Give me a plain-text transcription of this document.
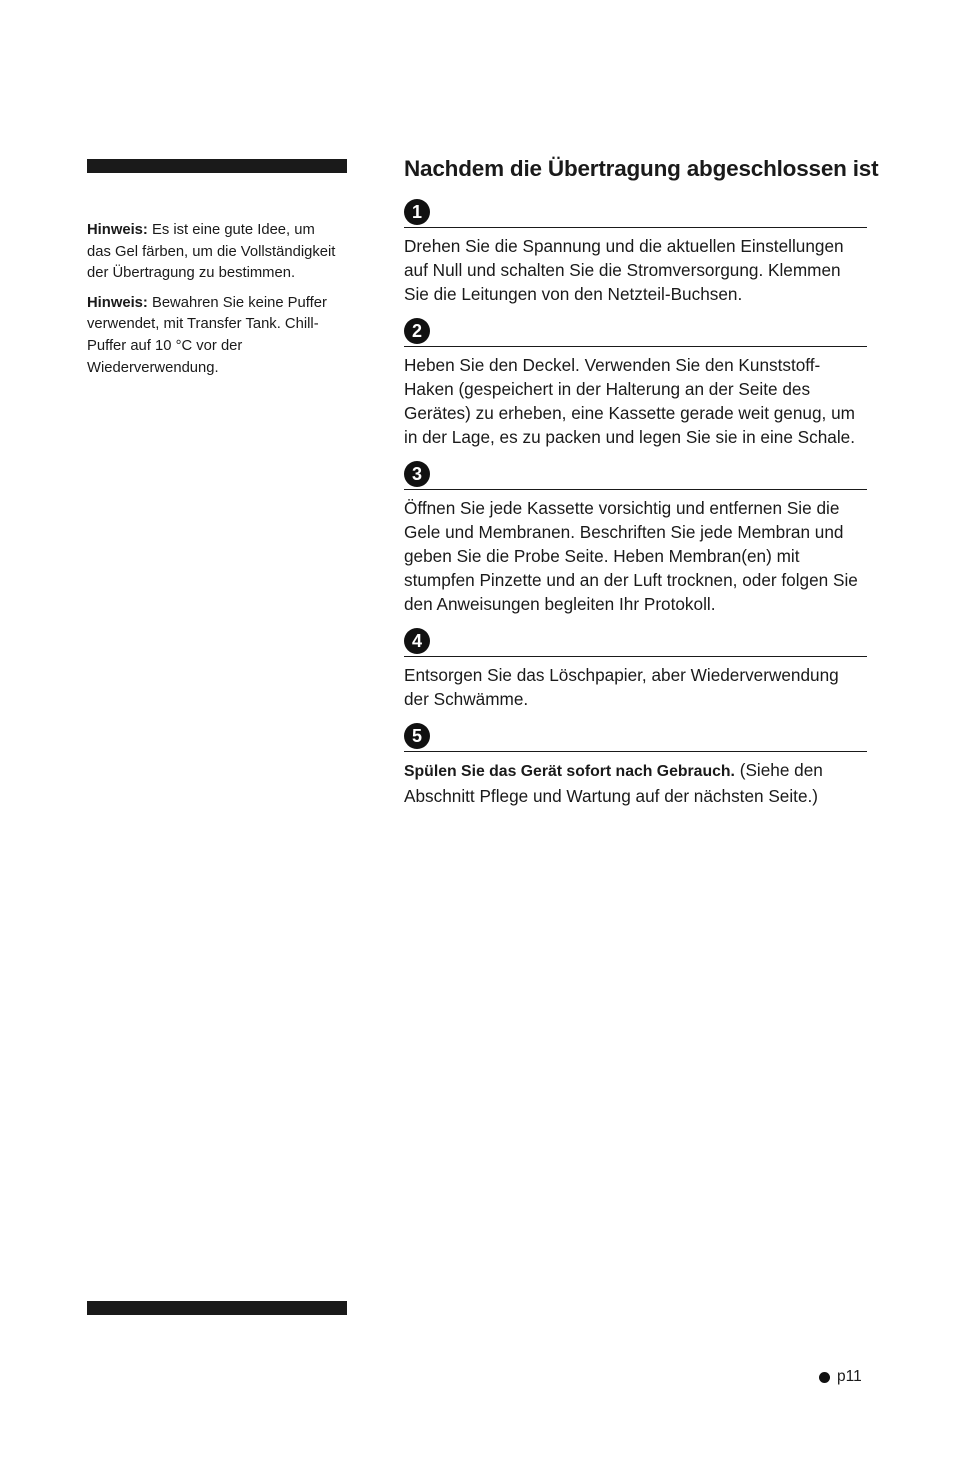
Hinweis: Es ist eine gute Idee, um das Gel färben, um die Vollständigkeit der Übertragung zu bestimmen.

Hinweis: Bewahren Sie keine Puffer verwendet, mit Transfer Tank. Chill-Puffer auf 10 °C vor der Wiederverwendung.

Nachdem die Übertragung abgeschlossen ist
1

Drehen Sie die Spannung und die aktuellen Einstellungen auf Null und schalten Sie die Stromversorgung. Klemmen Sie die Leitungen von den Netzteil-Buchsen.

2

Heben Sie den Deckel. Verwenden Sie den Kunststoff-Haken (gespeichert in der Halterung an der Seite des Gerätes) zu erheben, eine Kassette gerade weit genug, um in der Lage, es zu packen und legen Sie sie in eine Schale.

3

Öffnen Sie jede Kassette vorsichtig und entfernen Sie die Gele und Membranen. Beschriften Sie jede Membran und geben Sie die Probe Seite. Heben Membran(en) mit stumpfen Pinzette und an der Luft trocknen, oder folgen Sie den Anweisungen begleiten Ihr Protokoll.

4

Entsorgen Sie das Löschpapier, aber Wiederverwendung der Schwämme.

5

Spülen Sie das Gerät sofort nach Gebrauch. (Siehe den Abschnitt Pflege und Wartung auf der nächsten Seite.)

p11
